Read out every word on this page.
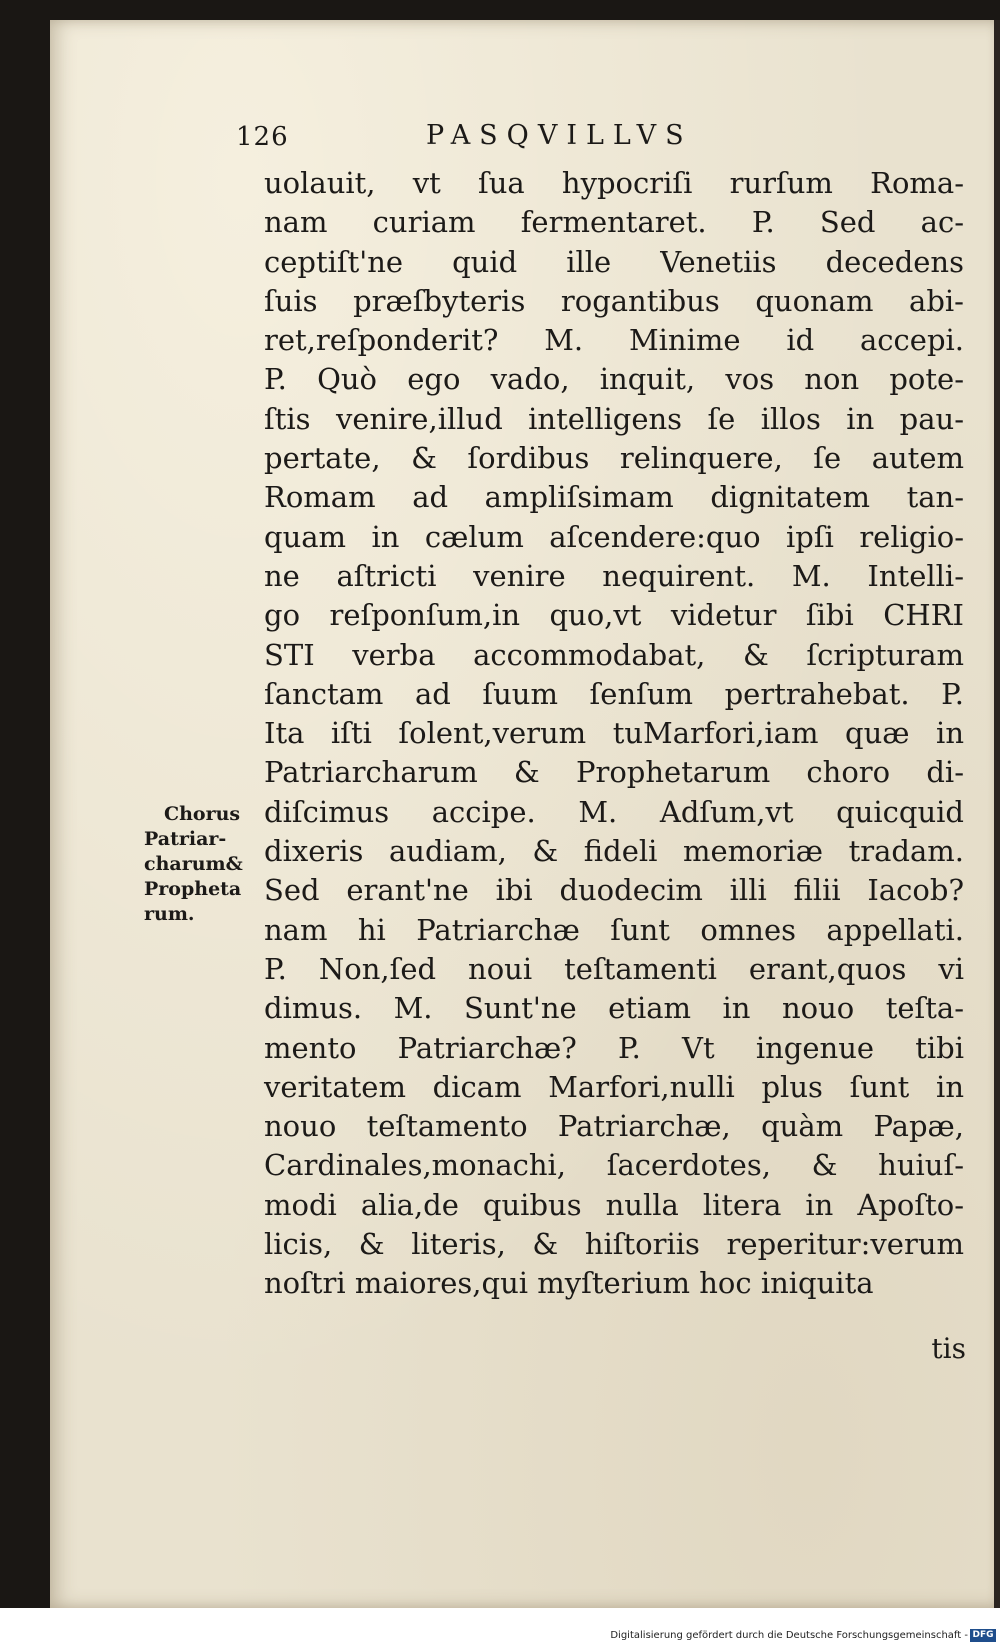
126	PASQVILLVS
Chorus
Patriar-
charum&
Propheta
rum.
uolauit, vt ſua hypocriſi rurſum Roma-
nam curiam fermentaret. P. Sed ac-
ceptiſt'ne quid ille Venetiis decedens
ſuis præſbyteris rogantibus quonam abi-
ret,reſponderit? M. Minime id accepi.
P. Quò ego vado, inquit, vos non pote-
ſtis venire,illud intelligens ſe illos in pau-
pertate, & ſordibus relinquere, ſe autem
Romam ad ampliſsimam dignitatem tan-
quam in cælum aſcendere:quo ipſi religio-
ne aſtricti venire nequirent. M. Intelli-
go reſponſum,in quo,vt videtur ſibi CHRI
STI verba accommodabat, & ſcripturam
ſanctam ad ſuum ſenſum pertrahebat. P.
Ita iſti ſolent,verum tuMarfori,iam quæ in
Patriarcharum & Prophetarum choro di-
diſcimus accipe. M. Adſum,vt quicquid
dixeris audiam, & fideli memoriæ tradam.
Sed erant'ne ibi duodecim illi filii Iacob?
nam hi Patriarchæ ſunt omnes appellati.
P. Non,ſed noui teſtamenti erant,quos vi
dimus. M. Sunt'ne etiam in nouo teſta-
mento Patriarchæ? P. Vt ingenue tibi
veritatem dicam Marfori,nulli plus ſunt in
nouo teſtamento Patriarchæ, quàm Papæ,
Cardinales,monachi, ſacerdotes, & huiuſ-
modi alia,de quibus nulla litera in Apoſto-
licis, & literis, & hiſtoriis reperitur:verum
noſtri maiores,qui myſterium hoc iniquita
tis
Digitalisierung gefördert durch die Deutsche Forschungsgemeinschaft - DFG
